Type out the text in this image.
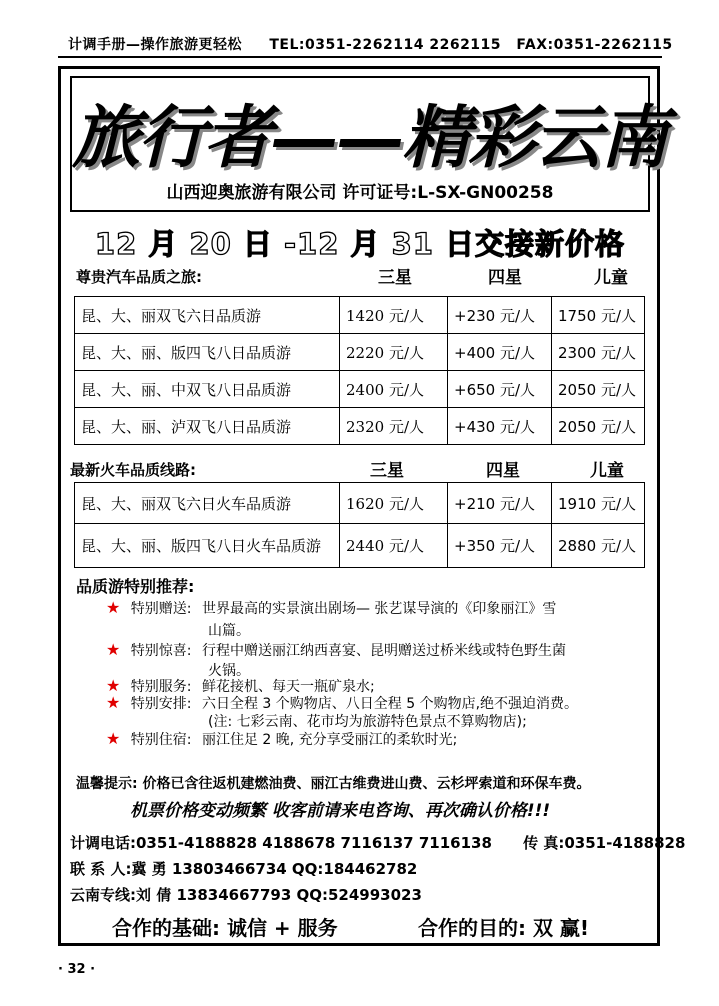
计调手册—操作旅游更轻松 TEL:0351-2262114 2262115 FAX:0351-2262115
旅行者——精彩云南
山西迎奥旅游有限公司 许可证号:L-SX-GN00258
12 月 20 日 -12 月 31 日交接新价格
尊贵汽车品质之旅:	三星	四星	儿童
昆、大、丽双飞六日品质游	1420 元/人	+230 元/人	1750 元/人
昆、大、丽、版四飞八日品质游	2220 元/人	+400 元/人	2300 元/人
昆、大、丽、中双飞八日品质游	2400 元/人	+650 元/人	2050 元/人
昆、大、丽、泸双飞八日品质游	2320 元/人	+430 元/人	2050 元/人
最新火车品质线路:	三星	四星	儿童
昆、大、丽双飞六日火车品质游	1620 元/人	+210 元/人	1910 元/人
昆、大、丽、版四飞八日火车品质游	2440 元/人	+350 元/人	2880 元/人
品质游特别推荐:
★ 特别赠送: 世界最高的实景演出剧场— 张艺谋导演的《印象丽江》雪
山篇。
★ 特别惊喜: 行程中赠送丽江纳西喜宴、昆明赠送过桥米线或特色野生菌
火锅。
★ 特别服务: 鲜花接机、每天一瓶矿泉水;
★ 特别安排: 六日全程 3 个购物店、八日全程 5 个购物店,绝不强迫消费。
(注: 七彩云南、花市均为旅游特色景点不算购物店);
★ 特别住宿: 丽江住足 2 晚, 充分享受丽江的柔软时光;
温馨提示: 价格已含往返机建燃油费、丽江古维费进山费、云杉坪索道和环保车费。
机票价格变动频繁 收客前请来电咨询、再次确认价格!!!
计调电话:0351-4188828 4188678 7116137 7116138 传 真:0351-4188828
联 系 人:冀 勇 13803466734 QQ:184462782
云南专线:刘 倩 13834667793 QQ:524993023
合作的基础: 诚信 + 服务	合作的目的: 双 赢!
· 32 ·
